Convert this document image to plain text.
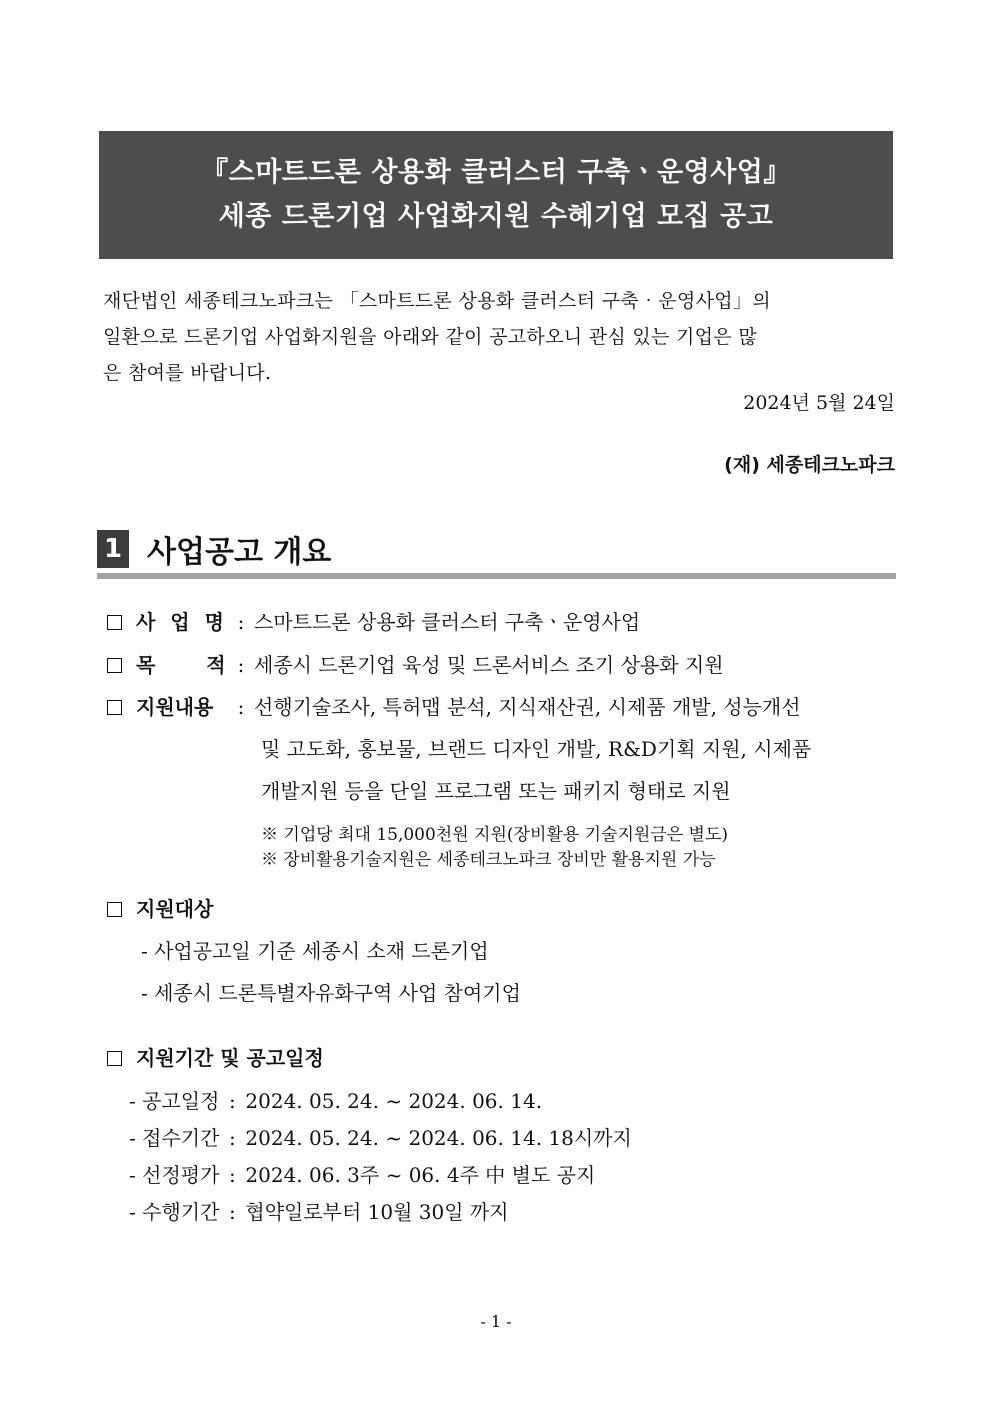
『스마트드론 상용화 클러스터 구축ㆍ운영사업』
세종 드론기업 사업화지원 수혜기업 모집 공고
재단법인 세종테크노파크는 「스마트드론 상용화 클러스터 구축‧운영사업」의
일환으로 드론기업 사업화지원을 아래와 같이 공고하오니 관심 있는 기업은 많
은 참여를 바랍니다.
2024년 5월 24일
(재) 세종테크노파크
1 사업공고 개요
사 업 명 : 스마트드론 상용화 클러스터 구축ㆍ운영사업
목 적 : 세종시 드론기업 육성 및 드론서비스 조기 상용화 지원
지원내용 : 선행기술조사, 특허맵 분석, 지식재산권, 시제품 개발, 성능개선
및 고도화, 홍보물, 브랜드 디자인 개발, R&D기획 지원, 시제품
개발지원 등을 단일 프로그램 또는 패키지 형태로 지원
※ 기업당 최대 15,000천원 지원(장비활용 기술지원금은 별도)
※ 장비활용기술지원은 세종테크노파크 장비만 활용지원 가능
지원대상
- 사업공고일 기준 세종시 소재 드론기업
- 세종시 드론특별자유화구역 사업 참여기업
지원기간 및 공고일정
- 공고일정 : 2024. 05. 24. ~ 2024. 06. 14.
- 접수기간 : 2024. 05. 24. ~ 2024. 06. 14. 18시까지
- 선정평가 : 2024. 06. 3주 ~ 06. 4주 中 별도 공지
- 수행기간 : 협약일로부터 10월 30일 까지
- 1 -
